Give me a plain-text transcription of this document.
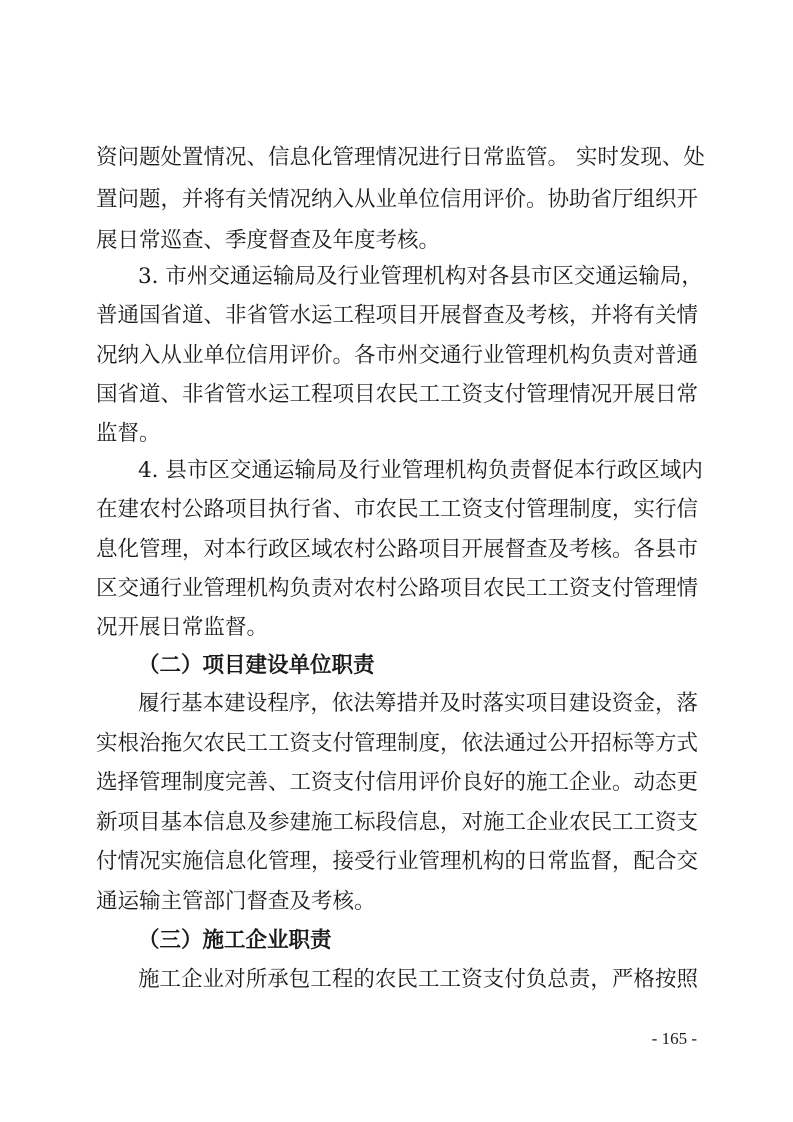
资问题处置情况、信息化管理情况进行日常监管。 实时发现、处
置问题，并将有关情况纳入从业单位信用评价。协助省厅组织开
展日常巡查、季度督查及年度考核。
3. 市州交通运输局及行业管理机构对各县市区交通运输局，
普通国省道、非省管水运工程项目开展督查及考核，并将有关情
况纳入从业单位信用评价。各市州交通行业管理机构负责对普通
国省道、非省管水运工程项目农民工工资支付管理情况开展日常
监督。
4. 县市区交通运输局及行业管理机构负责督促本行政区域内
在建农村公路项目执行省、市农民工工资支付管理制度，实行信
息化管理，对本行政区域农村公路项目开展督查及考核。各县市
区交通行业管理机构负责对农村公路项目农民工工资支付管理情
况开展日常监督。
（二）项目建设单位职责
履行基本建设程序，依法筹措并及时落实项目建设资金，落
实根治拖欠农民工工资支付管理制度，依法通过公开招标等方式
选择管理制度完善、工资支付信用评价良好的施工企业。动态更
新项目基本信息及参建施工标段信息，对施工企业农民工工资支
付情况实施信息化管理，接受行业管理机构的日常监督，配合交
通运输主管部门督查及考核。
（三）施工企业职责
施工企业对所承包工程的农民工工资支付负总责，严格按照
- 165 -
